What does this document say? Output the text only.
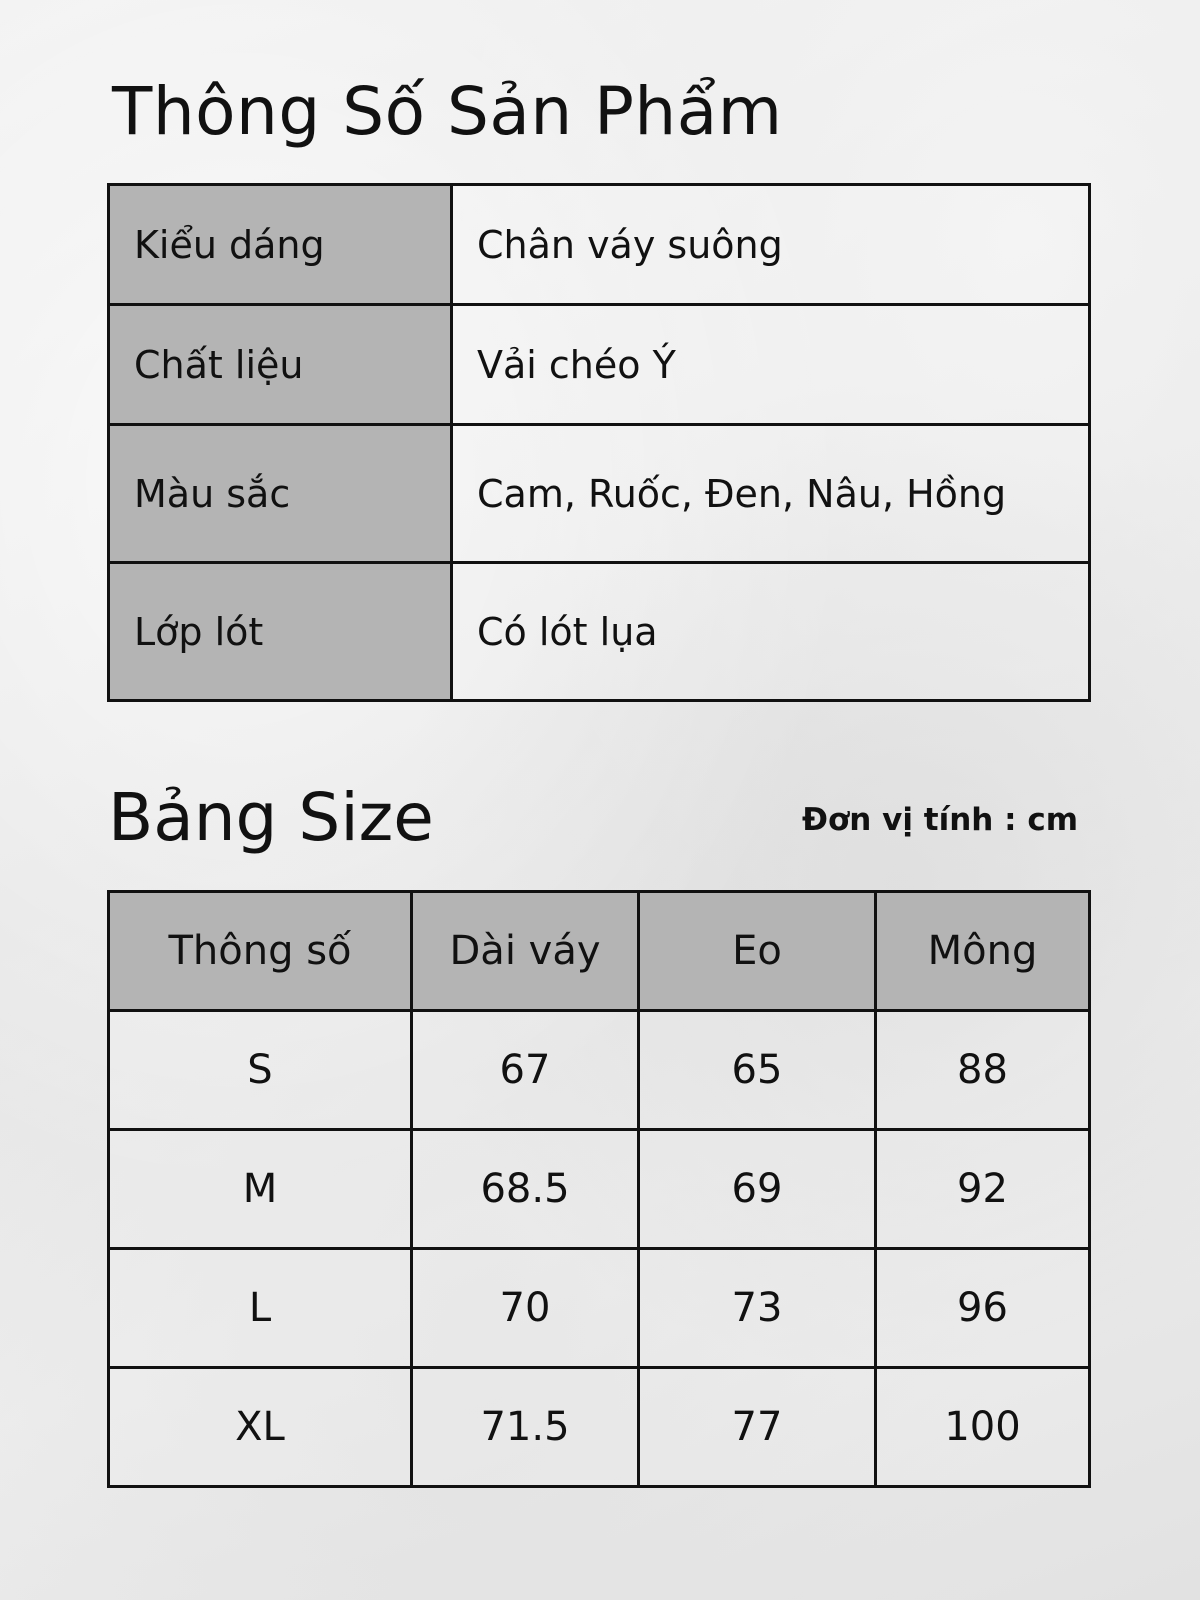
Thông Số Sản Phẩm
Kiểu dáng	Chân váy suông
Chất liệu	Vải chéo Ý
Màu sắc	Cam, Ruốc, Đen, Nâu, Hồng
Lớp lót	Có lót lụa
Bảng Size	Đơn vị tính : cm
Thông số	Dài váy	Eo	Mông
S	67	65	88
M	68.5	69	92
L	70	73	96
XL	71.5	77	100
